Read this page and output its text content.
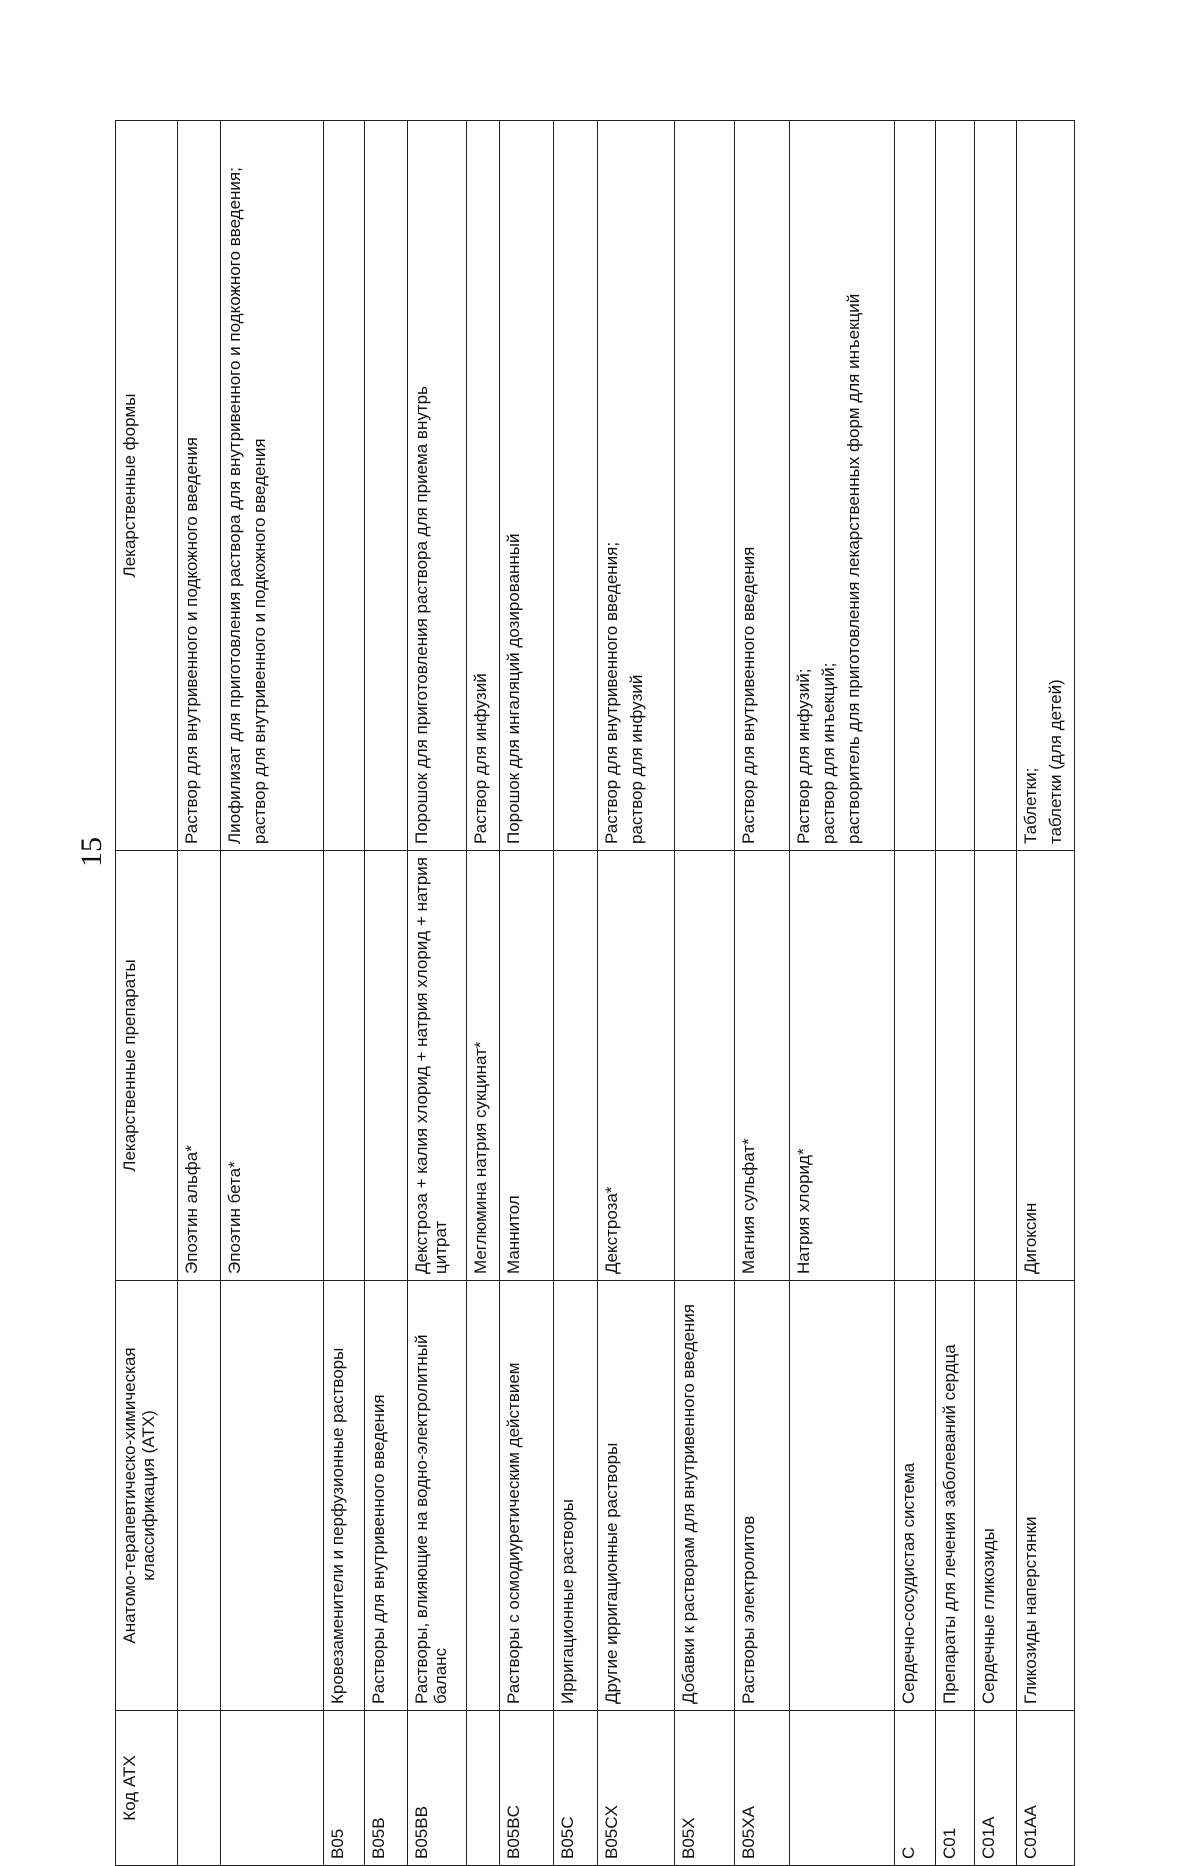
15
Код АТХ	Анатомо-терапевтическо-химическая классификация (АТХ)	Лекарственные препараты	Лекарственные формы
		Эпоэтин альфа*	Раствор для внутривенного и подкожного введения

		Эпоэтин бета*	Лиофилизат для приготовления раствора для внутривенного и подкожного введения; раствор для внутривенного и подкожного введения

B05	Кровезаменители и перфузионные растворы		
B05B	Растворы для внутривенного введения		
B05BB	Растворы, влияющие на водно-электролитный баланс	Декстроза + калия хлорид + натрия хлорид + натрия цитрат	Порошок для приготовления раствора для приема внутрь

		Меглюмина натрия сукцинат*	Раствор для инфузий

B05BC	Растворы с осмодиуретическим действием	Маннитол	Порошок для ингаляций дозированный

B05C	Ирригационные растворы		
B05CX	Другие ирригационные растворы	Декстроза*	Раствор для внутривенного введения; раствор для инфузий

B05X	Добавки к растворам для внутривенного введения		
B05XA	Растворы электролитов	Магния сульфат*	Раствор для внутривенного введения

		Натрия хлорид*	Раствор для инфузий; раствор для инъекций; растворитель для приготовления лекарственных форм для инъекций

C	Сердечно-сосудистая система		
C01	Препараты для лечения заболеваний сердца		
C01A	Сердечные гликозиды		
C01AA	Гликозиды наперстянки	Дигоксин	Таблетки; таблетки (для детей)
